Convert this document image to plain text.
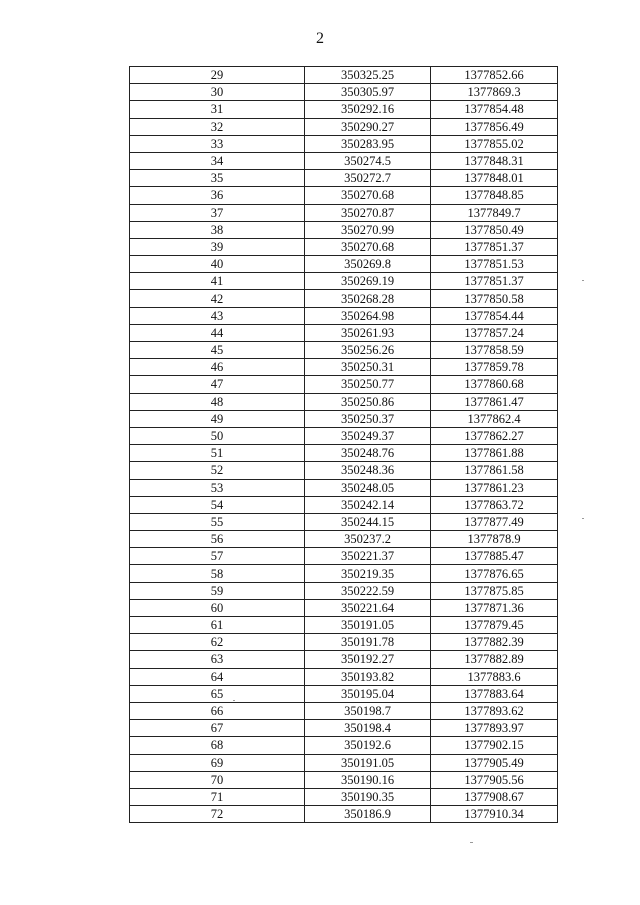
2
29	350325.25	1377852.66
30	350305.97	1377869.3
31	350292.16	1377854.48
32	350290.27	1377856.49
33	350283.95	1377855.02
34	350274.5	1377848.31
35	350272.7	1377848.01
36	350270.68	1377848.85
37	350270.87	1377849.7
38	350270.99	1377850.49
39	350270.68	1377851.37
40	350269.8	1377851.53
41	350269.19	1377851.37
42	350268.28	1377850.58
43	350264.98	1377854.44
44	350261.93	1377857.24
45	350256.26	1377858.59
46	350250.31	1377859.78
47	350250.77	1377860.68
48	350250.86	1377861.47
49	350250.37	1377862.4
50	350249.37	1377862.27
51	350248.76	1377861.88
52	350248.36	1377861.58
53	350248.05	1377861.23
54	350242.14	1377863.72
55	350244.15	1377877.49
56	350237.2	1377878.9
57	350221.37	1377885.47
58	350219.35	1377876.65
59	350222.59	1377875.85
60	350221.64	1377871.36
61	350191.05	1377879.45
62	350191.78	1377882.39
63	350192.27	1377882.89
64	350193.82	1377883.6
65	350195.04	1377883.64
66	350198.7	1377893.62
67	350198.4	1377893.97
68	350192.6	1377902.15
69	350191.05	1377905.49
70	350190.16	1377905.56
71	350190.35	1377908.67
72	350186.9	1377910.34
